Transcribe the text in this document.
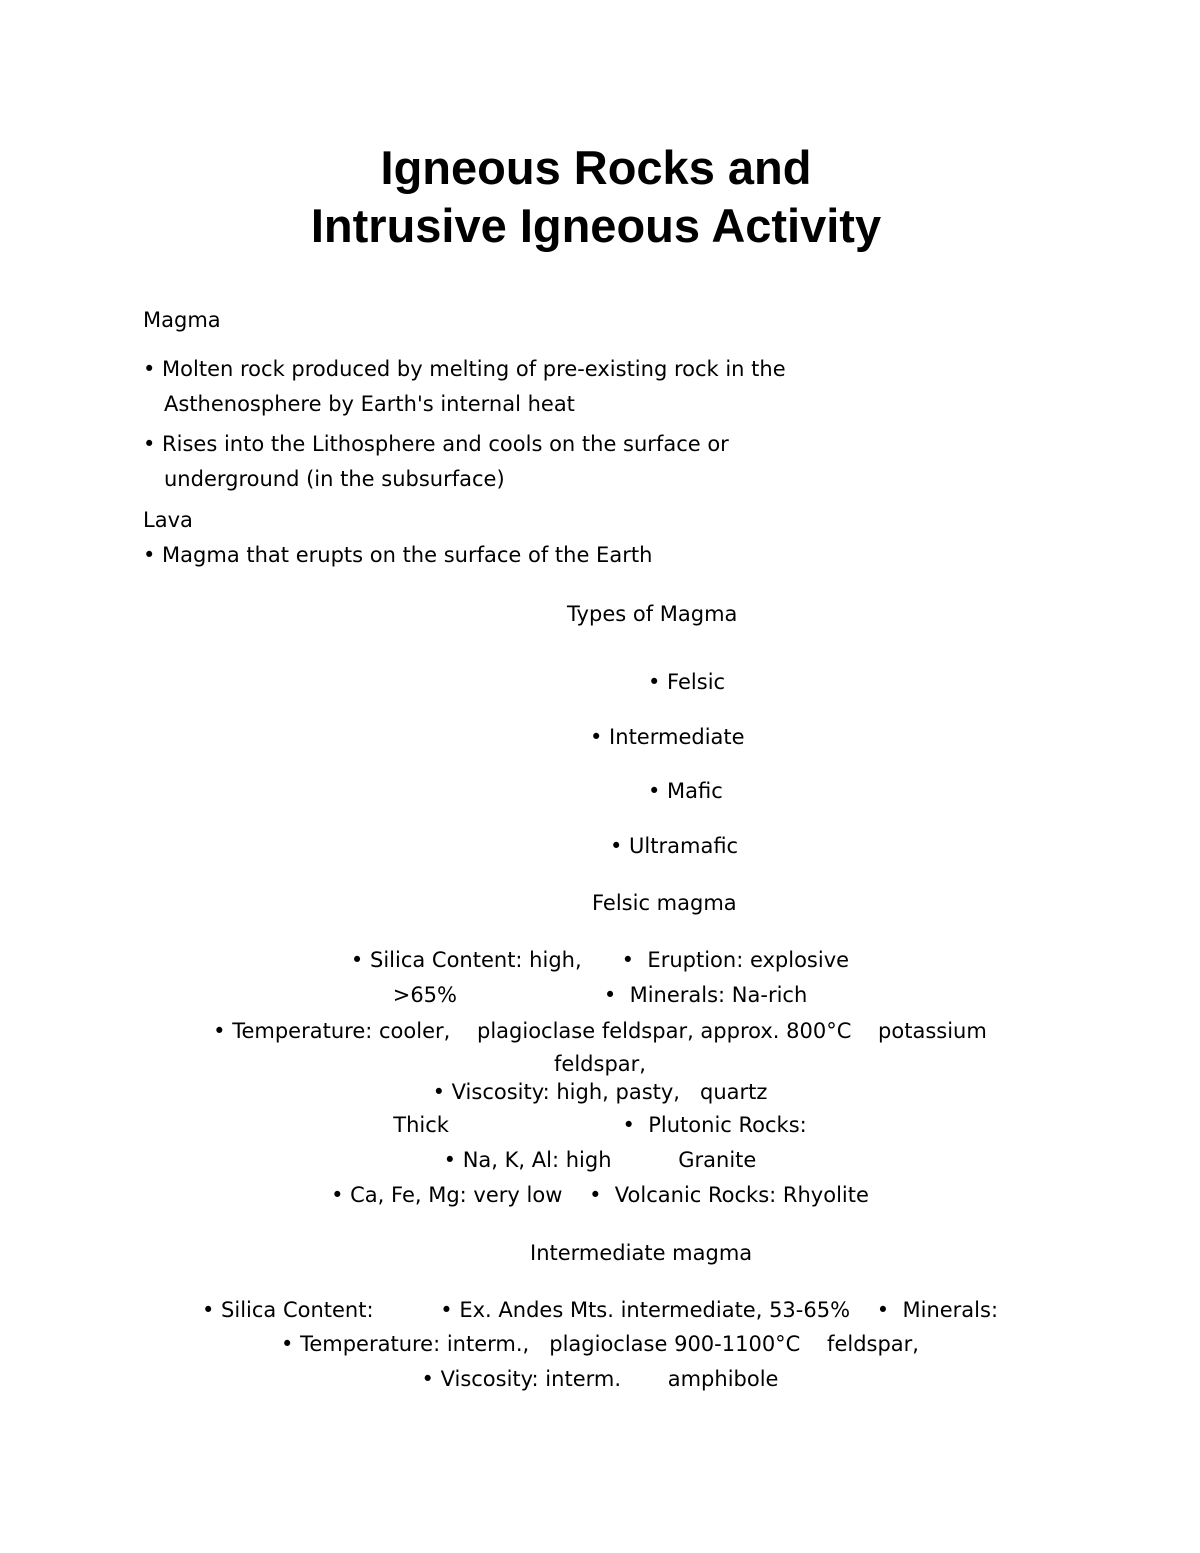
Igneous Rocks and
Intrusive Igneous Activity
Magma
• Molten rock produced by melting of pre-existing rock in the
Asthenosphere by Earth's internal heat
• Rises into the Lithosphere and cools on the surface or
underground (in the subsurface)
Lava
• Magma that erupts on the surface of the Earth
Types of Magma
• Felsic
• Intermediate
• Mafic
• Ultramafic
Felsic magma
• Silica Content: high,      •  Eruption: explosive
>65%                      •  Minerals: Na-rich
• Temperature: cooler,    plagioclase feldspar, approx. 800°C    potassium
feldspar,
• Viscosity: high, pasty,   quartz
Thick                          •  Plutonic Rocks:
• Na, K, Al: high          Granite
• Ca, Fe, Mg: very low    •  Volcanic Rocks: Rhyolite
Intermediate magma
• Silica Content:          • Ex. Andes Mts. intermediate, 53-65%    •  Minerals:
• Temperature: interm.,   plagioclase 900-1100°C    feldspar,
• Viscosity: interm.       amphibole
